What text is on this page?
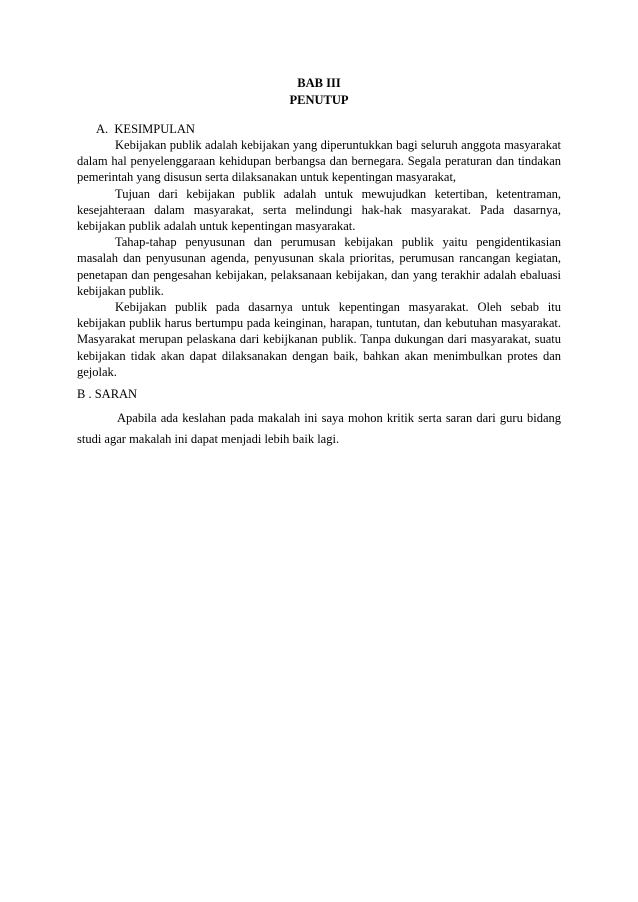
BAB III
PENUTUP
A.  KESIMPULAN

Kebijakan publik adalah kebijakan yang diperuntukkan bagi seluruh anggota masyarakat dalam hal penyelenggaraan kehidupan berbangsa dan bernegara. Segala peraturan dan tindakan pemerintah yang disusun serta dilaksanakan untuk kepentingan masyarakat,

Tujuan dari kebijakan publik adalah untuk mewujudkan ketertiban, ketentraman, kesejahteraan dalam masyarakat, serta melindungi hak-hak masyarakat. Pada dasarnya, kebijakan publik adalah untuk kepentingan masyarakat.

Tahap-tahap penyusunan dan perumusan kebijakan publik yaitu pengidentikasian masalah dan penyusunan agenda, penyusunan skala prioritas, perumusan rancangan kegiatan, penetapan dan pengesahan kebijakan, pelaksanaan kebijakan, dan yang terakhir adalah ebaluasi kebijakan publik.

Kebijakan publik pada dasarnya untuk kepentingan masyarakat. Oleh sebab itu kebijakan publik harus bertumpu pada keinginan, harapan, tuntutan, dan kebutuhan masyarakat. Masyarakat merupan pelaskana dari kebijkanan publik. Tanpa dukungan dari masyarakat, suatu kebijakan tidak akan dapat dilaksanakan dengan baik, bahkan akan menimbulkan protes dan gejolak.

B . SARAN

Apabila ada keslahan pada makalah ini saya mohon kritik serta saran dari guru bidang studi agar makalah ini dapat menjadi lebih baik lagi.
